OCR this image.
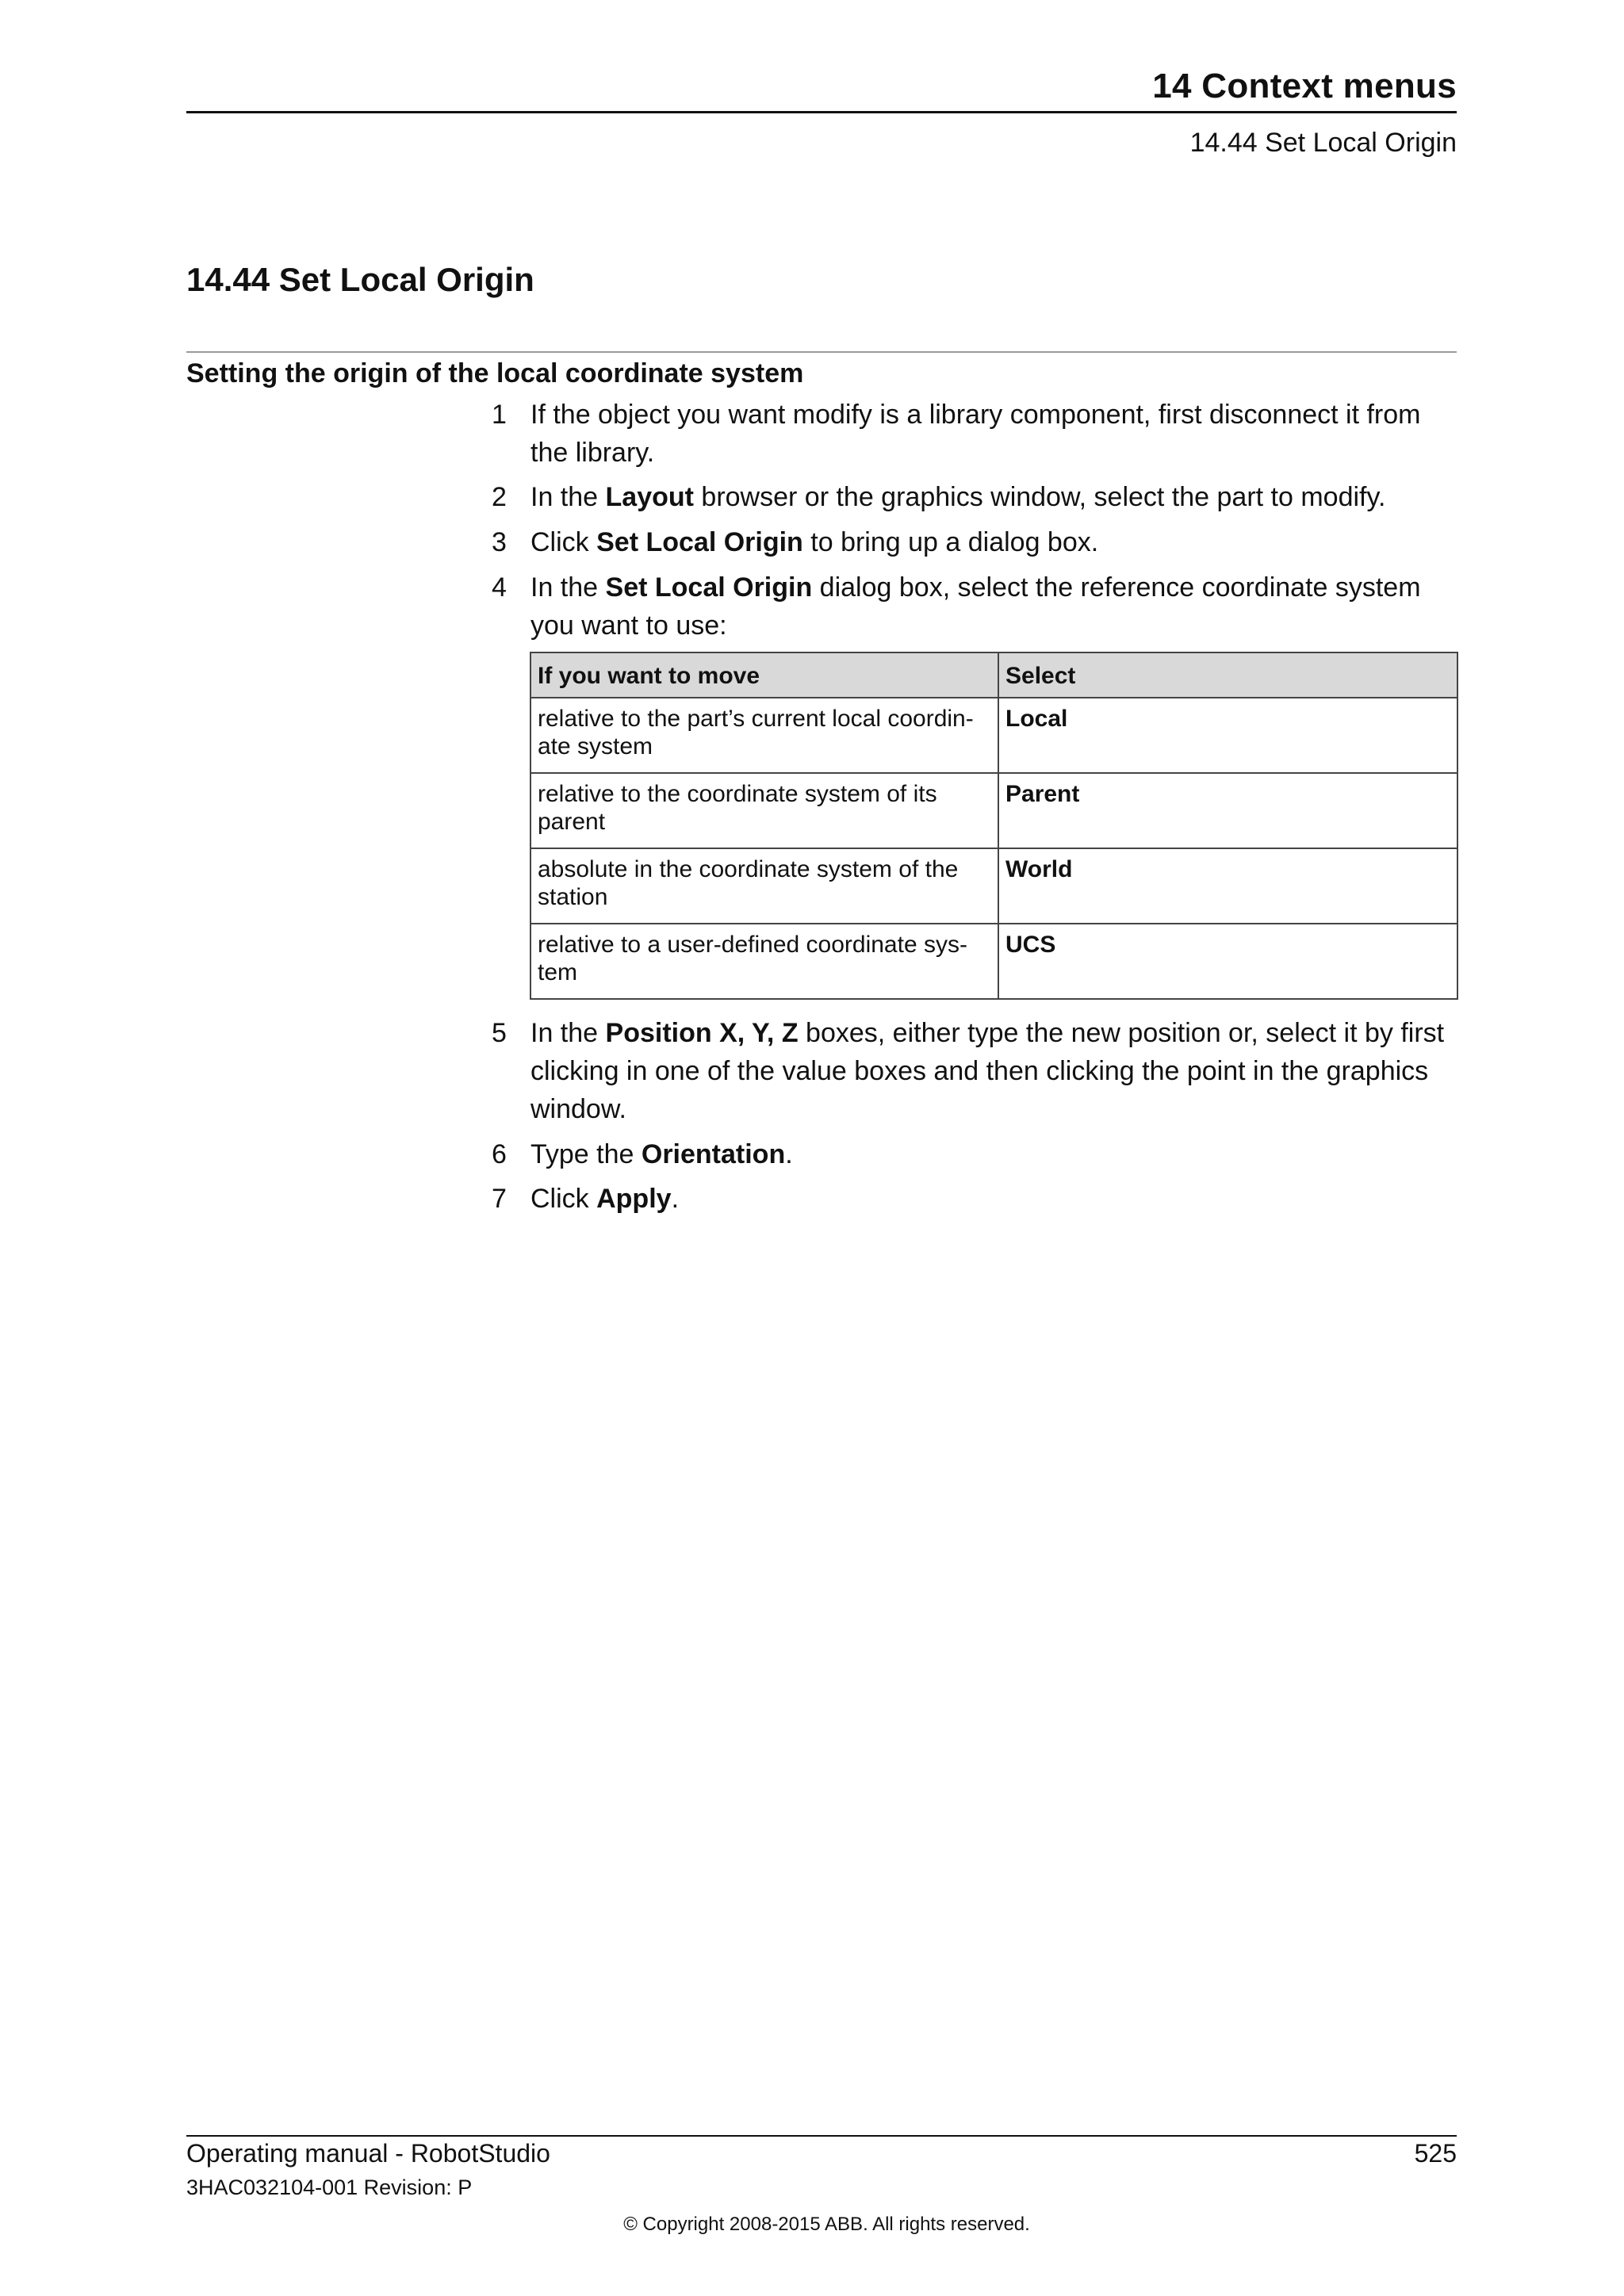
14 Context menus
14.44 Set Local Origin
14.44 Set Local Origin
Setting the origin of the local coordinate system
1 If the object you want modify is a library component, first disconnect it from the library.
2 In the Layout browser or the graphics window, select the part to modify.
3 Click Set Local Origin to bring up a dialog box.
4 In the Set Local Origin dialog box, select the reference coordinate system you want to use:
If you want to move	Select
relative to the part’s current local coordin-ate system	Local
relative to the coordinate system of its parent	Parent
absolute in the coordinate system of the station	World
relative to a user-defined coordinate sys-tem	UCS
5 In the Position X, Y, Z boxes, either type the new position or, select it by first clicking in one of the value boxes and then clicking the point in the graphics window.
6 Type the Orientation.
7 Click Apply.
Operating manual - RobotStudio	525
3HAC032104-001 Revision: P
© Copyright 2008-2015 ABB. All rights reserved.
